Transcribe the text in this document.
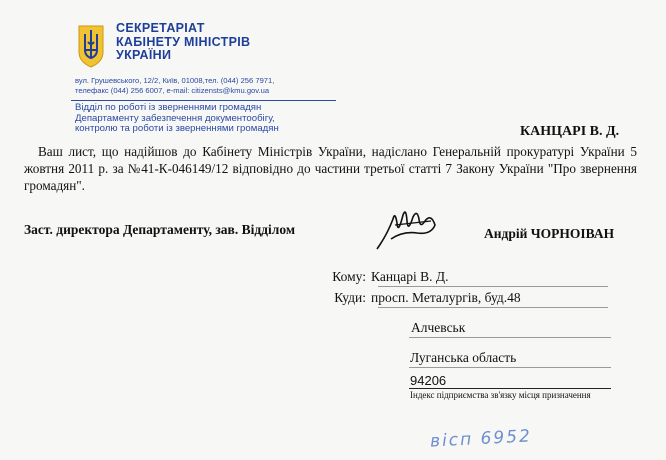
СЕКРЕТАРІАТ
КАБІНЕТУ МІНІСТРІВ
УКРАЇНИ
вул. Грушевського, 12/2, Київ, 01008,тел. (044) 256 7971,
телефакс (044) 256 6007, e-mail: citizensts@kmu.gov.ua
Відділ по роботі із зверненнями громадян
Департаменту забезпечення документообігу,
контролю та роботи із зверненнями громадян	КАНЦАРІ В. Д.
Ваш лист, що надійшов до Кабінету Міністрів України, надіслано Генеральній прокуратурі України 5 жовтня 2011 р. за №41-К-046149/12 відповідно до частини третьої статті 7 Закону України "Про звернення громадян".
Заст. директора Департаменту, зав. Відділом	Андрій ЧОРНОІВАН
Кому: Канцарі В. Д.
Куди: просп. Металургів, буд.48
Алчевськ
Луганська область
94206
Індекс підприємства зв'язку місця призначення
вісп 6952
